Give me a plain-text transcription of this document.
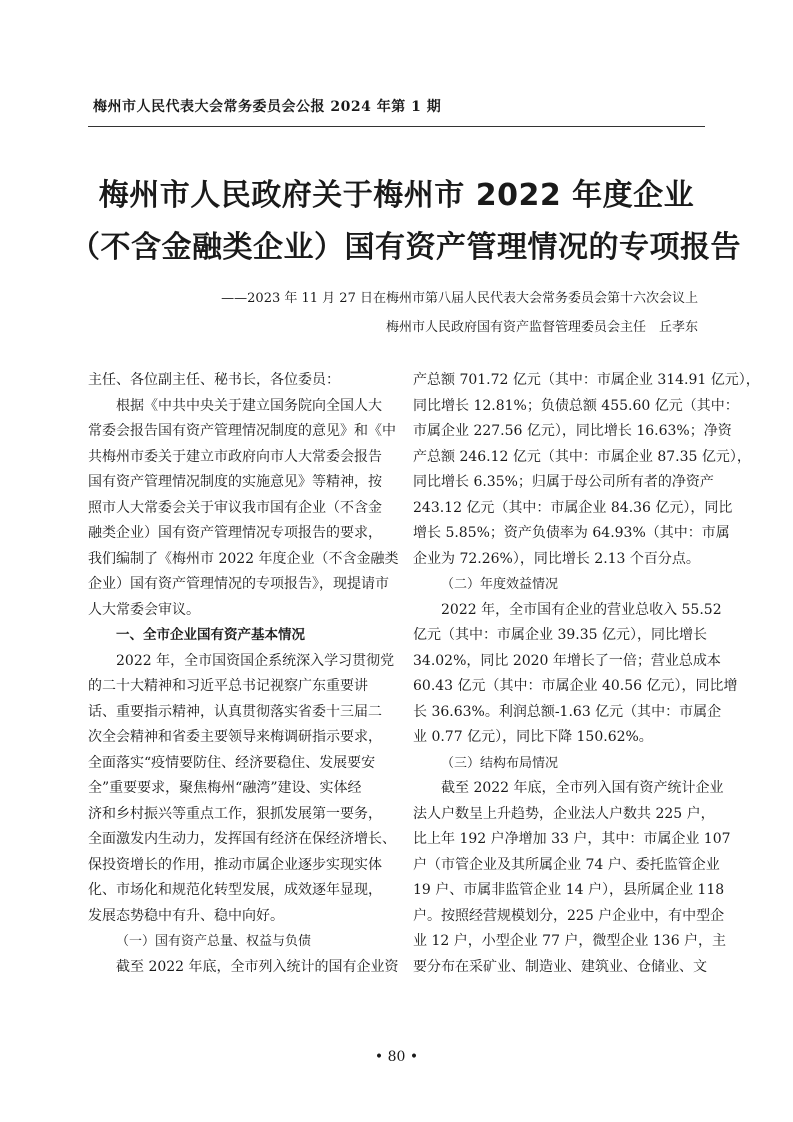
梅州市人民代表大会常务委员会公报 2024 年第 1 期
梅州市人民政府关于梅州市 2022 年度企业
（不含金融类企业）国有资产管理情况的专项报告
——2023 年 11 月 27 日在梅州市第八届人民代表大会常务委员会第十六次会议上
梅州市人民政府国有资产监督管理委员会主任　丘孝东

主任、各位副主任、秘书长，各位委员：

根据《中共中央关于建立国务院向全国人大

常委会报告国有资产管理情况制度的意见》和《中

共梅州市委关于建立市政府向市人大常委会报告

国有资产管理情况制度的实施意见》等精神，按

照市人大常委会关于审议我市国有企业（不含金

融类企业）国有资产管理情况专项报告的要求，

我们编制了《梅州市 2022 年度企业（不含金融类

企业）国有资产管理情况的专项报告》，现提请市

人大常委会审议。

一、全市企业国有资产基本情况

2022 年，全市国资国企系统深入学习贯彻党

的二十大精神和习近平总书记视察广东重要讲

话、重要指示精神，认真贯彻落实省委十三届二

次全会精神和省委主要领导来梅调研指示要求，

全面落实“疫情要防住、经济要稳住、发展要安

全”重要要求，聚焦梅州“融湾”建设、实体经

济和乡村振兴等重点工作，狠抓发展第一要务，

全面激发内生动力，发挥国有经济在保经济增长、

保投资增长的作用，推动市属企业逐步实现实体

化、市场化和规范化转型发展，成效逐年显现，

发展态势稳中有升、稳中向好。

（一）国有资产总量、权益与负债

截至 2022 年底，全市列入统计的国有企业资

产总额 701.72 亿元（其中：市属企业 314.91 亿元），

同比增长 12.81%；负债总额 455.60 亿元（其中：

市属企业 227.56 亿元），同比增长 16.63%；净资

产总额 246.12 亿元（其中：市属企业 87.35 亿元），

同比增长 6.35%；归属于母公司所有者的净资产

243.12 亿元（其中：市属企业 84.36 亿元），同比

增长 5.85%；资产负债率为 64.93%（其中：市属

企业为 72.26%），同比增长 2.13 个百分点。

（二）年度效益情况

2022 年，全市国有企业的营业总收入 55.52

亿元（其中：市属企业 39.35 亿元），同比增长

34.02%，同比 2020 年增长了一倍；营业总成本

60.43 亿元（其中：市属企业 40.56 亿元），同比增

长 36.63%。利润总额-1.63 亿元（其中：市属企

业 0.77 亿元），同比下降 150.62%。

（三）结构布局情况

截至 2022 年底，全市列入国有资产统计企业

法人户数呈上升趋势，企业法人户数共 225 户，

比上年 192 户净增加 33 户，其中：市属企业 107

户（市管企业及其所属企业 74 户、委托监管企业

19 户、市属非监管企业 14 户），县所属企业 118

户。按照经营规模划分，225 户企业中，有中型企

业 12 户，小型企业 77 户，微型企业 136 户，主

要分布在采矿业、制造业、建筑业、仓储业、文

• 80 •
